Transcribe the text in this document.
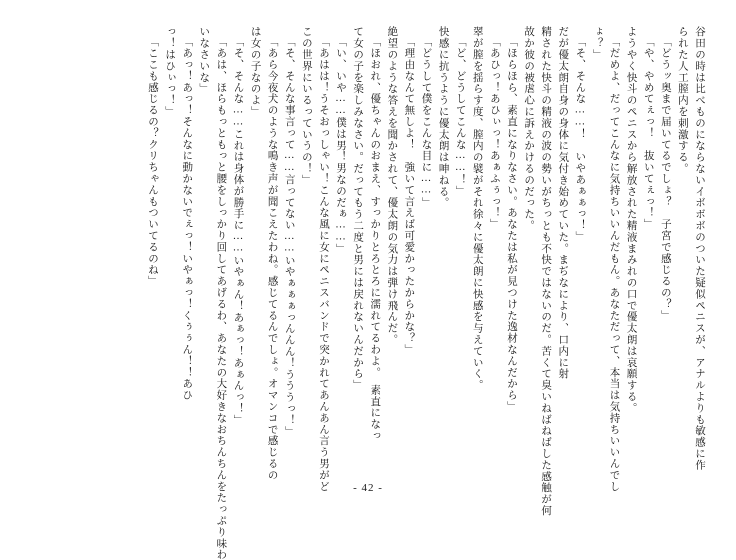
谷田の時は比べものにならないイボボボのついた疑似ペニスが、アナルよりも敏感に作
られた人工膣内を刺激する。
「どうッ奥まで届いてるでしょ？　子宮で感じるの？」
「や、やめてぇっ！　抜いてぇっ！」
ようやく快斗のペニスから解放された精液まみれの口で優太朗は哀願する。
「だめよ、だってこんなに気持ちいいんだもん。あなただって、本当は気持ちいいんでし
ょ？」
「そ、そんな……！　いやあぁぁっ！」
だが優太朗自身の身体に気付き始めていた。まぢなにより、口内に射
精された快斗の精液の波の勢いがちっとも不快ではないのだ。苦くて臭いねばねばした感触が何
故か彼の被虐心に訴えかけるのだった。
「ほらほら、素直になりなさい。あなたは私が見つけた逸材なんだから」
「あひっ！あひぃっ！あぁふぅっ！」
翠が膣を揺らす度、膣内の襞がそれ徐々に優太朗に快感を与えていく。
「ど、どうしてこんな……！」
快感に抗うように優太朗は呻ねる。
「どうして僕をこんな目に……」
「理由なんて無しよ！　強いて言えば可愛かったからかな？」
絶望のような答えを聞かされて、優太朗の気力は弾け飛んだ。
「ほおれ、優ちゃんのおまえ、すっかりとろとろに濡れてるわよ。　素直になっ
て女の子を楽しみなさい。だってもう二度と男には戻れないんだから」
「い、いや……僕は男！男なのだぁ……」
「あはは！うそおっしゃい！こんな風に女にペニスバンドで突かれてあんあん言う男がど
この世界にいるっていうの！」
「そ、そんな事言って……言ってない……いやぁぁぁっんんん！うううっ！」
「あら今夜犬のような鳴き声が聞こえたわね。感じてるんでしょ。オマンコで感じるの
は女の子なのよ」
「そ、そんな……これは身体が勝手に……いやぁん！あぁっ！あぁんっ！」
「あは、ほらもっともっと腰をしっかり回してあげるわ、あなたの大好きなおちんちんをたっぷり味わ
いなさいな」
「あっ！あっ！そんなに動かないでぇっ！いやぁっ！くぅぅん！！あひ
っ！はひぃっ！」
「ここも感じるの？クリちゃんもついてるのね」
- 42 -
